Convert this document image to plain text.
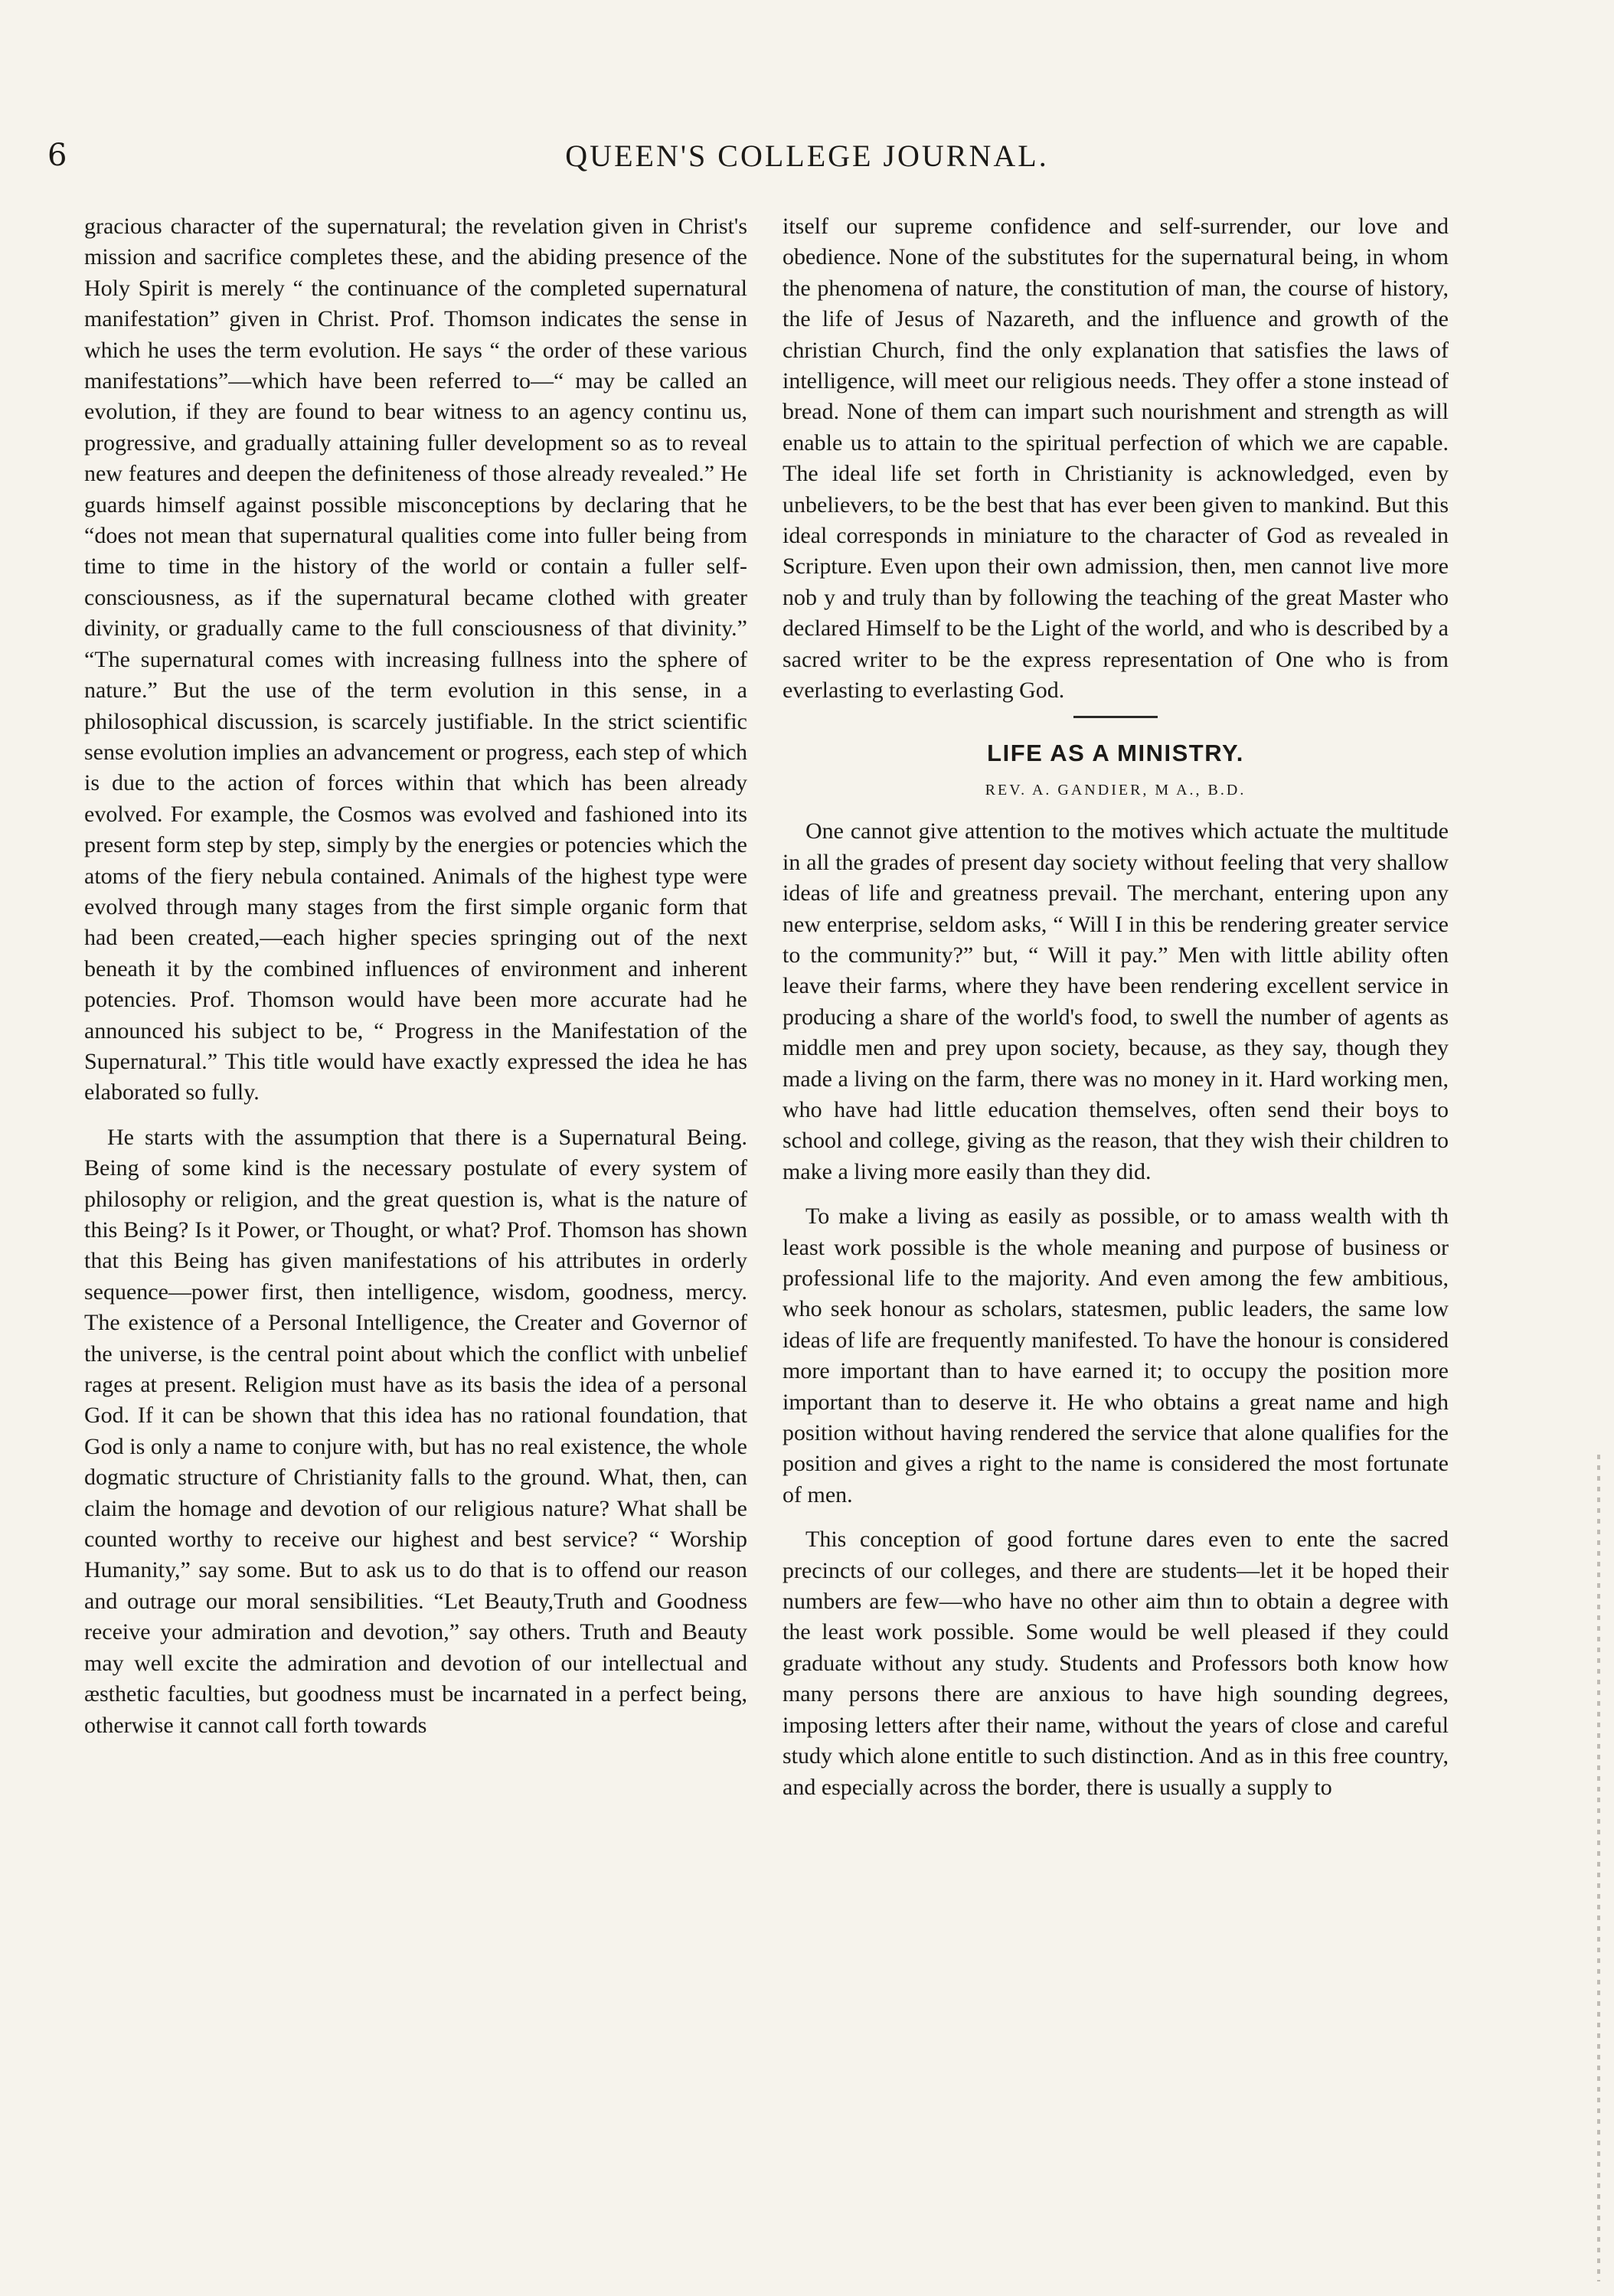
6	QUEEN'S COLLEGE JOURNAL.

gracious character of the supernatural; the revelation given in Christ's mission and sacrifice completes these, and the abiding presence of the Holy Spirit is merely “ the continuance of the completed supernatural manifestation” given in Christ. Prof. Thomson indicates the sense in which he uses the term evolution. He says “ the order of these various manifestations”—which have been referred to—“ may be called an evolution, if they are found to bear witness to an agency continu us, progressive, and gradually attaining fuller development so as to reveal new features and deepen the definiteness of those already revealed.” He guards himself against possible misconceptions by declaring that he “does not mean that supernatural qualities come into fuller being from time to time in the history of the world or contain a fuller self-consciousness, as if the supernatural became clothed with greater divinity, or gradually came to the full consciousness of that divinity.” “The supernatural comes with increasing fullness into the sphere of nature.” But the use of the term evolution in this sense, in a philosophical discussion, is scarcely justifiable. In the strict scientific sense evolution implies an advancement or progress, each step of which is due to the action of forces within that which has been already evolved. For example, the Cosmos was evolved and fashioned into its present form step by step, simply by the energies or potencies which the atoms of the fiery nebula contained. Animals of the highest type were evolved through many stages from the first simple organic form that had been created,—each higher species springing out of the next beneath it by the combined influences of environment and inherent potencies. Prof. Thomson would have been more accurate had he announced his subject to be, “ Progress in the Manifestation of the Supernatural.” This title would have exactly expressed the idea he has elaborated so fully.

He starts with the assumption that there is a Supernatural Being. Being of some kind is the necessary postulate of every system of philosophy or religion, and the great question is, what is the nature of this Being? Is it Power, or Thought, or what? Prof. Thomson has shown that this Being has given manifestations of his attributes in orderly sequence—power first, then intelligence, wisdom, goodness, mercy. The existence of a Personal Intelligence, the Creater and Governor of the universe, is the central point about which the conflict with unbelief rages at present. Religion must have as its basis the idea of a personal God. If it can be shown that this idea has no rational foundation, that God is only a name to conjure with, but has no real existence, the whole dogmatic structure of Christianity falls to the ground. What, then, can claim the homage and devotion of our religious nature? What shall be counted worthy to receive our highest and best service? “ Worship Humanity,” say some. But to ask us to do that is to offend our reason and outrage our moral sensibilities. “Let Beauty,Truth and Goodness receive your admiration and devotion,” say others. Truth and Beauty may well excite the admiration and devotion of our intellectual and æsthetic faculties, but goodness must be incarnated in a perfect being, otherwise it cannot call forth towards

itself our supreme confidence and self-surrender, our love and obedience. None of the substitutes for the supernatural being, in whom the phenomena of nature, the constitution of man, the course of history, the life of Jesus of Nazareth, and the influence and growth of the christian Church, find the only explanation that satisfies the laws of intelligence, will meet our religious needs. They offer a stone instead of bread. None of them can impart such nourishment and strength as will enable us to attain to the spiritual perfection of which we are capable. The ideal life set forth in Christianity is acknowledged, even by unbelievers, to be the best that has ever been given to mankind. But this ideal corresponds in miniature to the character of God as revealed in Scripture. Even upon their own admission, then, men cannot live more nob y and truly than by following the teaching of the great Master who declared Himself to be the Light of the world, and who is described by a sacred writer to be the express representation of One who is from everlasting to everlasting God.

LIFE AS A MINISTRY.
REV. A. GANDIER, M A., B.D.

One cannot give attention to the motives which actuate the multitude in all the grades of present day society without feeling that very shallow ideas of life and greatness prevail. The merchant, entering upon any new enterprise, seldom asks, “ Will I in this be rendering greater service to the community?” but, “ Will it pay.” Men with little ability often leave their farms, where they have been rendering excellent service in producing a share of the world's food, to swell the number of agents as middle men and prey upon society, because, as they say, though they made a living on the farm, there was no money in it. Hard working men, who have had little education themselves, often send their boys to school and college, giving as the reason, that they wish their children to make a living more easily than they did.

To make a living as easily as possible, or to amass wealth with th least work possible is the whole meaning and purpose of business or professional life to the majority. And even among the few ambitious, who seek honour as scholars, statesmen, public leaders, the same low ideas of life are frequently manifested. To have the honour is considered more important than to have earned it; to occupy the position more important than to deserve it. He who obtains a great name and high position without having rendered the service that alone qualifies for the position and gives a right to the name is considered the most fortunate of men.

This conception of good fortune dares even to ente the sacred precincts of our colleges, and there are students—let it be hoped their numbers are few—who have no other aim thın to obtain a degree with the least work possible. Some would be well pleased if they could graduate without any study. Students and Professors both know how many persons there are anxious to have high sounding degrees, imposing letters after their name, without the years of close and careful study which alone entitle to such distinction. And as in this free country, and especially across the border, there is usually a supply to
